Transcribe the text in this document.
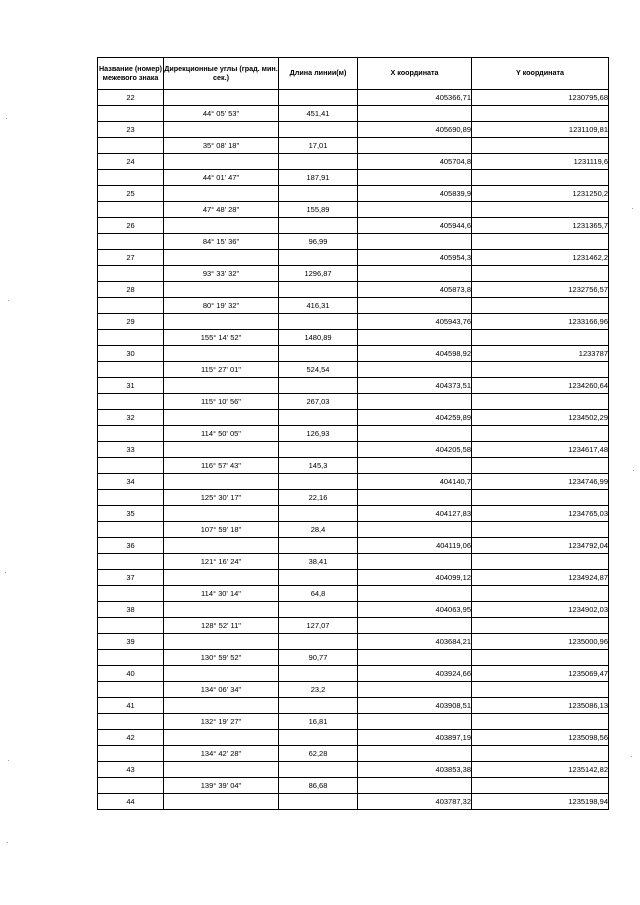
Название (номер) межевого знака	Дирекционные углы (град. мин. сек.)	Длина линии(м)	X координата	Y координата
22			405366,71	1230795,68
	44° 05' 53"	451,41		
23			405690,89	1231109,81
	35° 08' 18"	17,01		
24			405704,8	1231119,6
	44° 01' 47"	187,91		
25			405839,9	1231250,2
	47° 48' 28"	155,89		
26			405944,6	1231365,7
	84° 15' 36"	96,99		
27			405954,3	1231462,2
	93° 33' 32"	1296,87		
28			405873,8	1232756,57
	80° 19' 32"	416,31		
29			405943,76	1233166,96
	155° 14' 52"	1480,89		
30			404598,92	1233787
	115° 27' 01"	524,54		
31			404373,51	1234260,64
	115° 10' 56"	267,03		
32			404259,89	1234502,29
	114° 50' 05"	126,93		
33			404205,58	1234617,48
	116° 57' 43"	145,3		
34			404140,7	1234746,99
	125° 30' 17"	22,16		
35			404127,83	1234765,03
	107° 59' 18"	28,4		
36			404119,06	1234792,04
	121° 16' 24"	38,41		
37			404099,12	1234924,87
	114° 30' 14"	64,8		
38			404063,95	1234902,03
	128° 52' 11"	127,07		
39			403684,21	1235000,96
	130° 59' 52"	90,77		
40			403924,66	1235069,47
	134° 06' 34"	23,2		
41			403908,51	1235086,13
	132° 19' 27"	16,81		
42			403897,19	1235098,56
	134° 42' 28"	62,28		
43			403853,38	1235142,82
	139° 39' 04"	86,68		
44			403787,32	1235198,94
